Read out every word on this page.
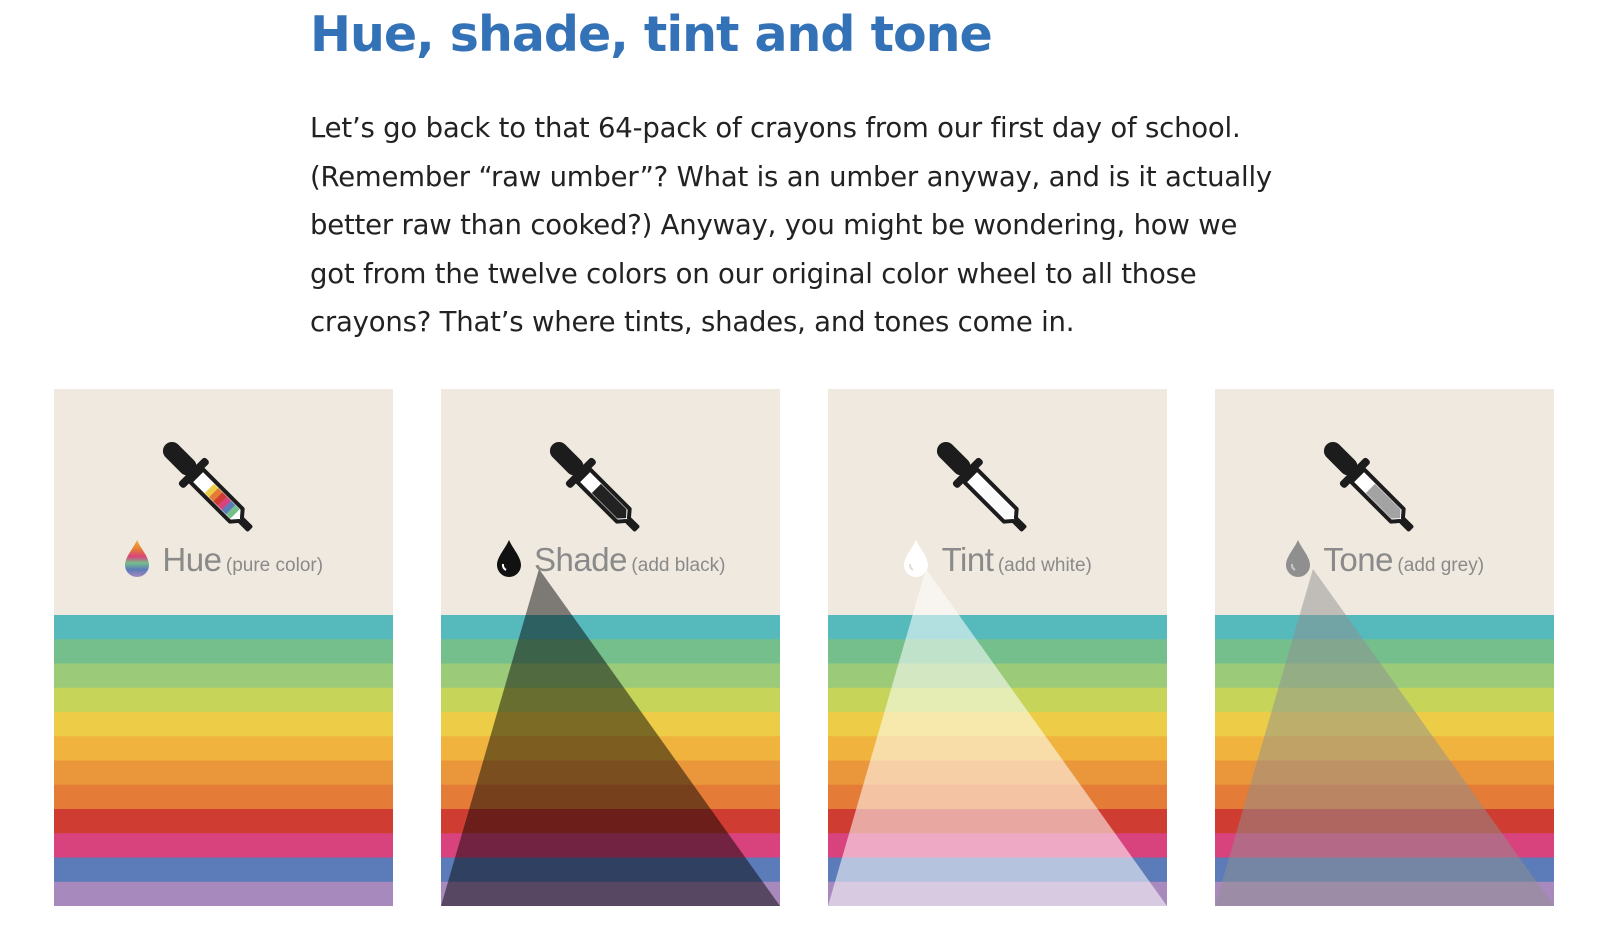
Hue, shade, tint and tone
Let’s go back to that 64-pack of crayons from our first day of school.
(Remember “raw umber”? What is an umber anyway, and is it actually
better raw than cooked?) Anyway, you might be wondering, how we
got from the twelve colors on our original color wheel to all those
crayons? That’s where tints, shades, and tones come in.
Hue (pure color)	Shade (add black)	Tint (add white)	Tone (add grey)
